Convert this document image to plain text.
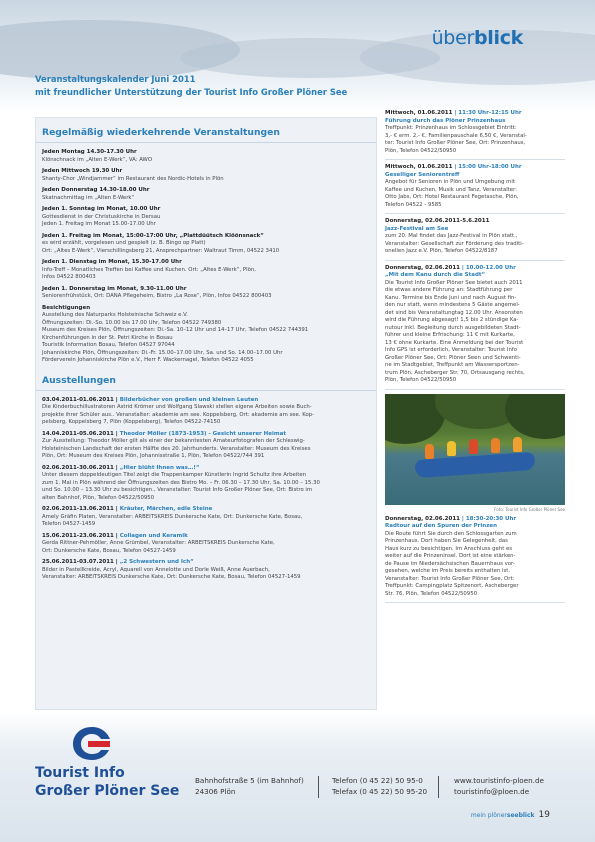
überblick
Veranstaltungskalender Juni 2011
mit freundlicher Unterstützung der Tourist Info Großer Plöner See
Regelmäßig wiederkehrende Veranstaltungen
Jeden Montag 14.30-17.30 Uhr
Klönschnack im „Alten E-Werk“, VA: AWO
Jeden Mittwoch 19.30 Uhr
Shanty-Chor „Windjammer“ im Restaurant des Nordic-Hotels in Plön
Jeden Donnerstag 14.30-18.00 Uhr
Skatnachmittag im „Alten E-Werk“
Jeden 1. Sonntag im Monat, 10.00 Uhr
Gottesdienst in der Christuskirche in Dersau
Jeden 1. Freitag im Monat 15.00-17.00 Uhr
Jeden 1. Freitag im Monat, 15:00-17:00 Uhr, „Plattdüütsch Klöönsnack“
es wird erzählt, vorgelesen und gespielt (z. B. Bingo op Platt)
Ort: „Altes E-Werk“, Vierschillingsberg 21, Ansprechpartner: Waltraut Timm, 04522 3410
Jeden 1. Dienstag im Monat, 15.30-17.00 Uhr
Info-Treff – Monatliches Treffen bei Kaffee und Kuchen. Ort: „Altes E-Werk“, Plön,
Infos 04522 800403
Jeden 1. Donnerstag im Monat, 9.30-11.00 Uhr
Seniorenfrühstück, Ort: DANA Pflegeheim, Bistro „La Rose“, Plön, Infos 04522 800403
Besichtigungen
Ausstellung des Naturparks Holsteinische Schweiz e.V.
Öffnungszeiten: Di.-So. 10.00 bis 17.00 Uhr, Telefon 04522 749380
Museum des Kreises Plön, Öffnungszeiten: Di.-Sa. 10–12 Uhr und 14–17 Uhr, Telefon 04522 744391
Kirchenführungen in der St. Petri Kirche in Bosau
Touristik Information Bosau, Telefon 04527 97044
Johanniskirche Plön, Öffnungszeiten: Di.-Fr. 15.00–17.00 Uhr, Sa. und So. 14.00–17.00 Uhr
Förderverein Johanniskirche Plön e.V., Herr F. Wackernagel, Telefon 04522 4055
Ausstellungen
03.04.2011-01.06.2011 | Bilderbücher von großen und kleinen Leuten
Die Kinderbuchillustratoren Astrid Krömer und Wolfgang Slawski stellen eigene Arbeiten sowie Buch-
projekte ihrer Schüler aus.. Veranstalter: akademie am see. Koppelsberg, Ort: akademie am see. Kop-
pelsberg, Koppelsberg 7, Plön (Koppelsberg), Telefon 04522-74150
14.04.2011-05.06.2011 | Theodor Möller (1873-1953) - Gesicht unserer Heimat
Zur Ausstellung: Theodor Möller gilt als einer der bekanntesten Amateurfotografen der Schleswig-
Holsteinischen Landschaft der ersten Hälfte des 20. Jahrhunderts. Veranstalter: Museum des Kreises
Plön, Ort: Museum des Kreises Plön, Johannisstraße 1, Plön, Telefon 04522/744 391
02.06.2011-30.06.2011 | „Hier blüht Ihnen was…!“
Unter diesem doppeldeutigen Titel zeigt die Trappenkamper Künstlerin Ingrid Schultz ihre Arbeiten
zum 1. Mal in Plön während der Öffnungszeiten des Bistro Mo. – Fr. 06.30 – 17.30 Uhr, Sa. 10.00 – 15.30
und So. 10.00 – 13.30 Uhr zu besichtigen., Veranstalter: Tourist Info Großer Plöner See, Ort: Bistro im
alten Bahnhof, Plön, Telefon 04522/50950
02.06.2011-13.06.2011 | Kräuter, Märchen, edle Steine
Amely Gräfin Platen, Veranstalter: ARBEITSKREIS Dunkersche Kate, Ort: Dunkersche Kate, Bosau,
Telefon 04527-1459
15.06.2011-23.06.2011 | Collagen und Keramik
Gerda Rittner-Pehmöller, Anne Grümbel, Veranstalter: ARBEITSKREIS Dunkersche Kate,
Ort: Dunkersche Kate, Bosau, Telefon 04527-1459
25.06.2011-03.07.2011 | „2 Schwestern und Ich“
Bilder in Pastellkreide, Acryl, Aquarell von Annelotte und Dorle Weiß, Anne Auerbach,
Veranstalter: ARBEITSKREIS Dunkersche Kate, Ort: Dunkersche Kate, Bosau, Telefon 04527-1459
Mittwoch, 01.06.2011 | 11:30 Uhr-12:15 Uhr
Führung durch das Plöner Prinzenhaus
Treffpunkt: Prinzenhaus im Schlossgebiet Eintritt:
3,- € erm. 2,- €, Familienpauschale 6,50 €, Veranstal-
ter: Tourist Info Großer Plöner See, Ort: Prinzenhaus,
Plön, Telefon 04522/50950
Mittwoch, 01.06.2011 | 15:00 Uhr-18:00 Uhr
Geselliger Seniorentreff
Angebot für Senioren in Plön und Umgebung mit
Kaffee und Kuchen, Musik und Tanz, Veranstalter:
Otto Jabs, Ort: Hotel Restaurant Fegetasche, Plön,
Telefon 04522 - 9585
Donnerstag, 02.06.2011-5.6.2011
Jazz-Festival am See
zum 20. Mal findet das Jazz-Festival in Plön statt.,
Veranstalter: Gesellschaft zur Förderung des traditi-
onellen Jazz e.V. Plön, Telefon 04522/8187
Donnerstag, 02.06.2011 | 10.00-12.00 Uhr
„Mit dem Kanu durch die Stadt“
Die Tourist Info Großer Plöner See bietet auch 2011
die etwas andere Führung an: Stadtführung per
Kanu. Termine bis Ende Juni und nach August fin-
den nur statt, wenn mindestens 5 Gäste angemel-
det sind bis Veranstaltungtag 12.00 Uhr. Ansonsten
wird die Führung abgesagt! 1,5 bis 2 stündige Ka-
nutour inkl. Begleitung durch ausgebildeten Stadt-
führer und kleine Erfrischung: 11 € mit Kurkarte,
13 € ohne Kurkarte. Eine Anmeldung bei der Tourist
Info GPS ist erforderlich, Veranstalter: Tourist Info
Großer Plöner See, Ort: Plöner Seen und Schwenti-
ne im Stadtgebiet, Treffpunkt am Wassersportzen-
trum Plön, Ascheberger Str. 70, Ortsausgang rechts,
Plön, Telefon 04522/50950
Foto: Tourist Info Großer Plöner See
Donnerstag, 02.06.2011 | 18:30-20:30 Uhr
Radtour auf den Spuren der Prinzen
Die Route führt Sie durch den Schlossgarten zum
Prinzenhaus. Dort haben Sie Gelegenheit, das
Haus kurz zu besichtigen. Im Anschluss geht es
weiter auf die Prinzeninsel. Dort ist eine stärken-
de Pause im Niedersächsischen Bauernhaus vor-
gesehen, welche im Preis bereits enthalten ist.
Veranstalter: Tourist Info Großer Plöner See, Ort:
Treffpunkt: Campingplatz Spitzenort, Ascheberger
Str. 76, Plön, Telefon 04522/50950
Tourist Info
Großer Plöner See
Bahnhofstraße 5 (im Bahnhof)
24306 Plön
Telefon (0 45 22) 50 95-0
Telefax (0 45 22) 50 95-20
www.touristinfo-ploen.de
touristinfo@ploen.de
mein plönerseeblick 19
